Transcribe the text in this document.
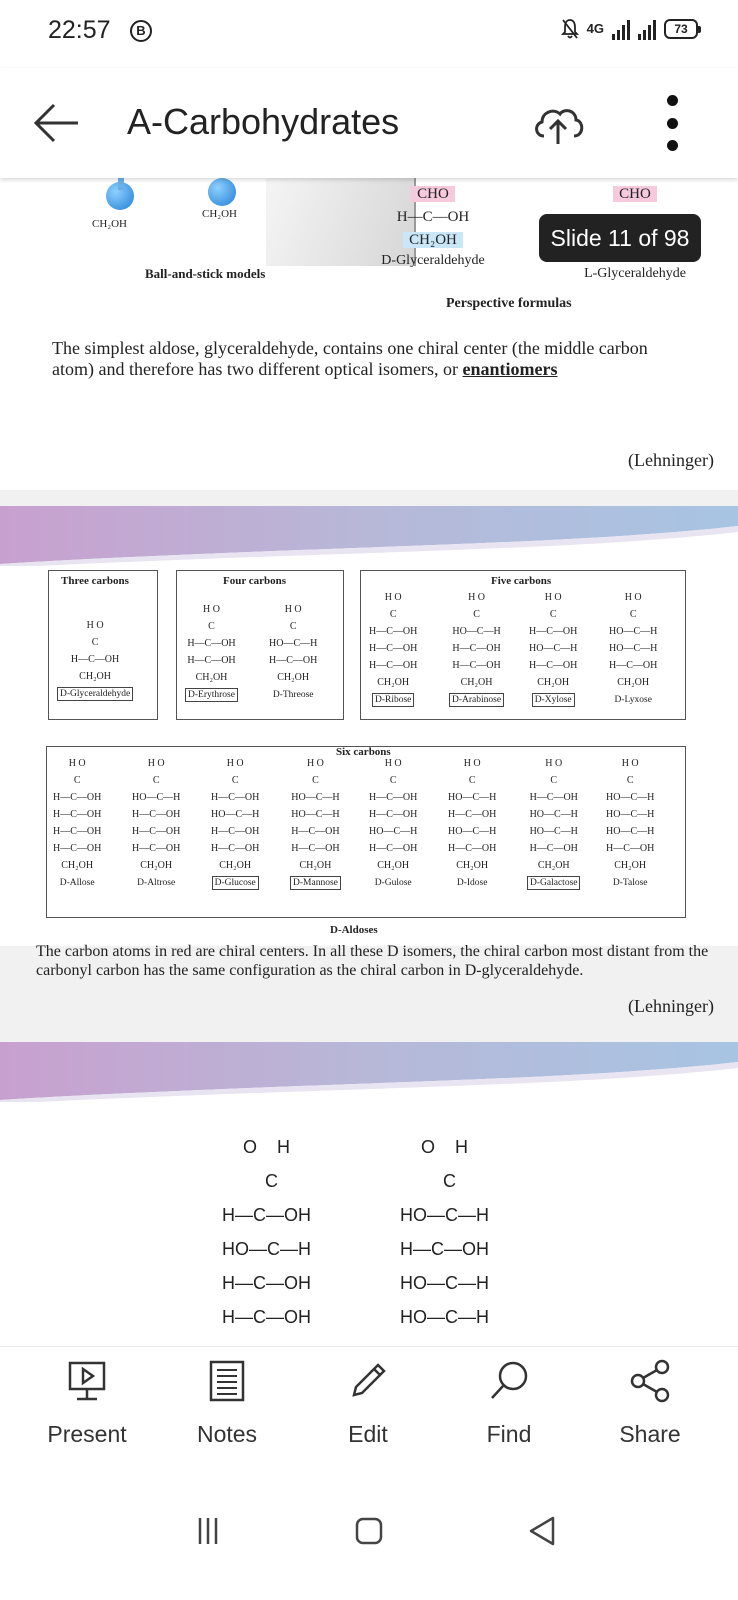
22:57	B	4G	73
A-Carbohydrates
CH₂OH
CH₂OH
Ball-and-stick models
CHO
H—C—OH
CH₂OH
D-Glyceraldehyde
CHO
L-Glyceraldehyde
Perspective formulas

The simplest aldose, glyceraldehyde, contains one chiral center (the middle carbon atom) and therefore has two different optical isomers, or enantiomers

(Lehninger)
Slide 11 of 98
Three carbons
H O
C
H—C—OH
CH₂OH
D-Glyceraldehyde
Four carbons
H O
C
H—C—OH
H—C—OH
CH₂OH
D-Erythrose
H O
C
HO—C—H
H—C—OH
CH₂OH
D-Threose
Five carbons
H O
C
H—C—OH
H—C—OH
H—C—OH
CH₂OH
D-Ribose
H O
C
HO—C—H
H—C—OH
H—C—OH
CH₂OH
D-Arabinose
H O
C
H—C—OH
HO—C—H
H—C—OH
CH₂OH
D-Xylose
H O
C
HO—C—H
HO—C—H
H—C—OH
CH₂OH
D-Lyxose
Six carbons
H O
C
H—C—OH
H—C—OH
H—C—OH
H—C—OH
CH₂OH
D-Allose
H O
C
HO—C—H
H—C—OH
H—C—OH
H—C—OH
CH₂OH
D-Altrose
H O
C
H—C—OH
HO—C—H
H—C—OH
H—C—OH
CH₂OH
D-Glucose
H O
C
HO—C—H
HO—C—H
H—C—OH
H—C—OH
CH₂OH
D-Mannose
H O
C
H—C—OH
H—C—OH
HO—C—H
H—C—OH
CH₂OH
D-Gulose
H O
C
HO—C—H
H—C—OH
HO—C—H
H—C—OH
CH₂OH
D-Idose
H O
C
H—C—OH
HO—C—H
HO—C—H
H—C—OH
CH₂OH
D-Galactose
H O
C
HO—C—H
HO—C—H
HO—C—H
H—C—OH
CH₂OH
D-Talose
D-Aldoses

The carbon atoms in red are chiral centers. In all these D isomers, the chiral carbon most distant from the carbonyl carbon has the same configuration as the chiral carbon in D-glyceraldehyde.

(Lehninger)
O    H
C
H—C—OH
HO—C—H
H—C—OH
H—C—OH
O    H
C
HO—C—H
H—C—OH
HO—C—H
HO—C—H
Present	Notes	Edit	Find	Share
